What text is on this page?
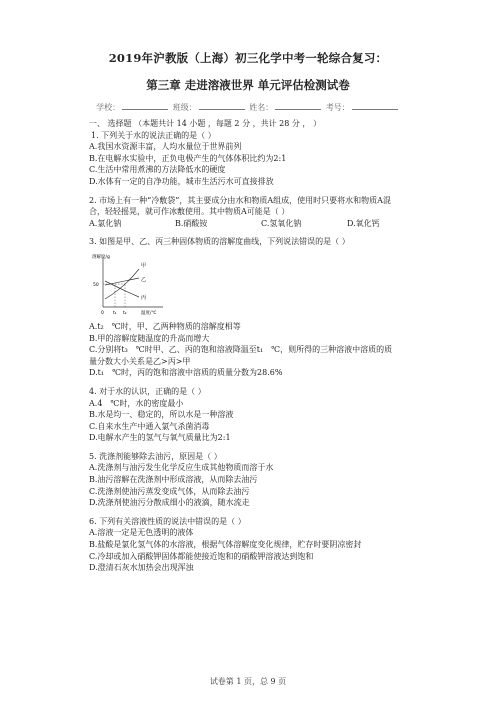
2019年沪教版（上海）初三化学中考一轮综合复习：
第三章 走进溶液世界 单元评估检测试卷
学校：	班级：	姓名：	考号：

一、 选择题 （本题共计 14 小题 ，每题 2 分 ，共计 28 分 ， ）

1. 下列关于水的说法正确的是（ ）

A.我国水资源丰富，人均水量位于世界前列

B.在电解水实验中，正负电极产生的气体体积比约为2:1

C.生活中常用煮沸的方法降低水的硬度

D.水体有一定的自净功能，城市生活污水可直接排放

2. 市场上有一种“冷敷袋”，其主要成分由水和物质A组成，使用时只要将水和物质A混

合，轻轻摇晃，就可作冰敷使用。其中物质A可能是（ ）

A.氯化钠	B.硝酸铵	C.氢氧化钠	D.氧化钙

3. 如图是甲、乙、丙三种固体物质的溶解度曲线，下列说法错误的是（ ）

溶解度/g
50
0 t₁ t₂	温度/℃
甲
乙
丙

A.t₂　℃时，甲、乙两种物质的溶解度相等

B.甲的溶解度随温度的升高而增大

C.分别将t₃　℃时甲、乙、丙的饱和溶液降温至t₁　℃，则所得的三种溶液中溶质的质

量分数大小关系是乙>丙>甲

D.t₁　℃时，丙的饱和溶液中溶质的质量分数为28.6%

4. 对于水的认识，正确的是（ ）

A.4　℃时，水的密度最小

B.水是均一、稳定的，所以水是一种溶液

C.自来水生产中通入氯气杀菌消毒

D.电解水产生的氢气与氧气质量比为2:1

5. 洗涤剂能够除去油污，原因是（ ）

A.洗涤剂与油污发生化学反应生成其他物质而溶于水

B.油污溶解在洗涤剂中形成溶液，从而除去油污

C.洗涤剂使油污蒸发变成气体，从而除去油污

D.洗涤剂使油污分散成细小的液滴，随水流走

6. 下列有关溶液性质的说法中错误的是（ ）

A.溶液一定是无色透明的液体

B.盐酸是氯化氢气体的水溶液，根据气体溶解度变化规律，贮存时要阴凉密封

C.冷却或加入硝酸钾固体都能使接近饱和的硝酸钾溶液达到饱和

D.澄清石灰水加热会出现浑浊

试卷第 1 页，总 9 页
